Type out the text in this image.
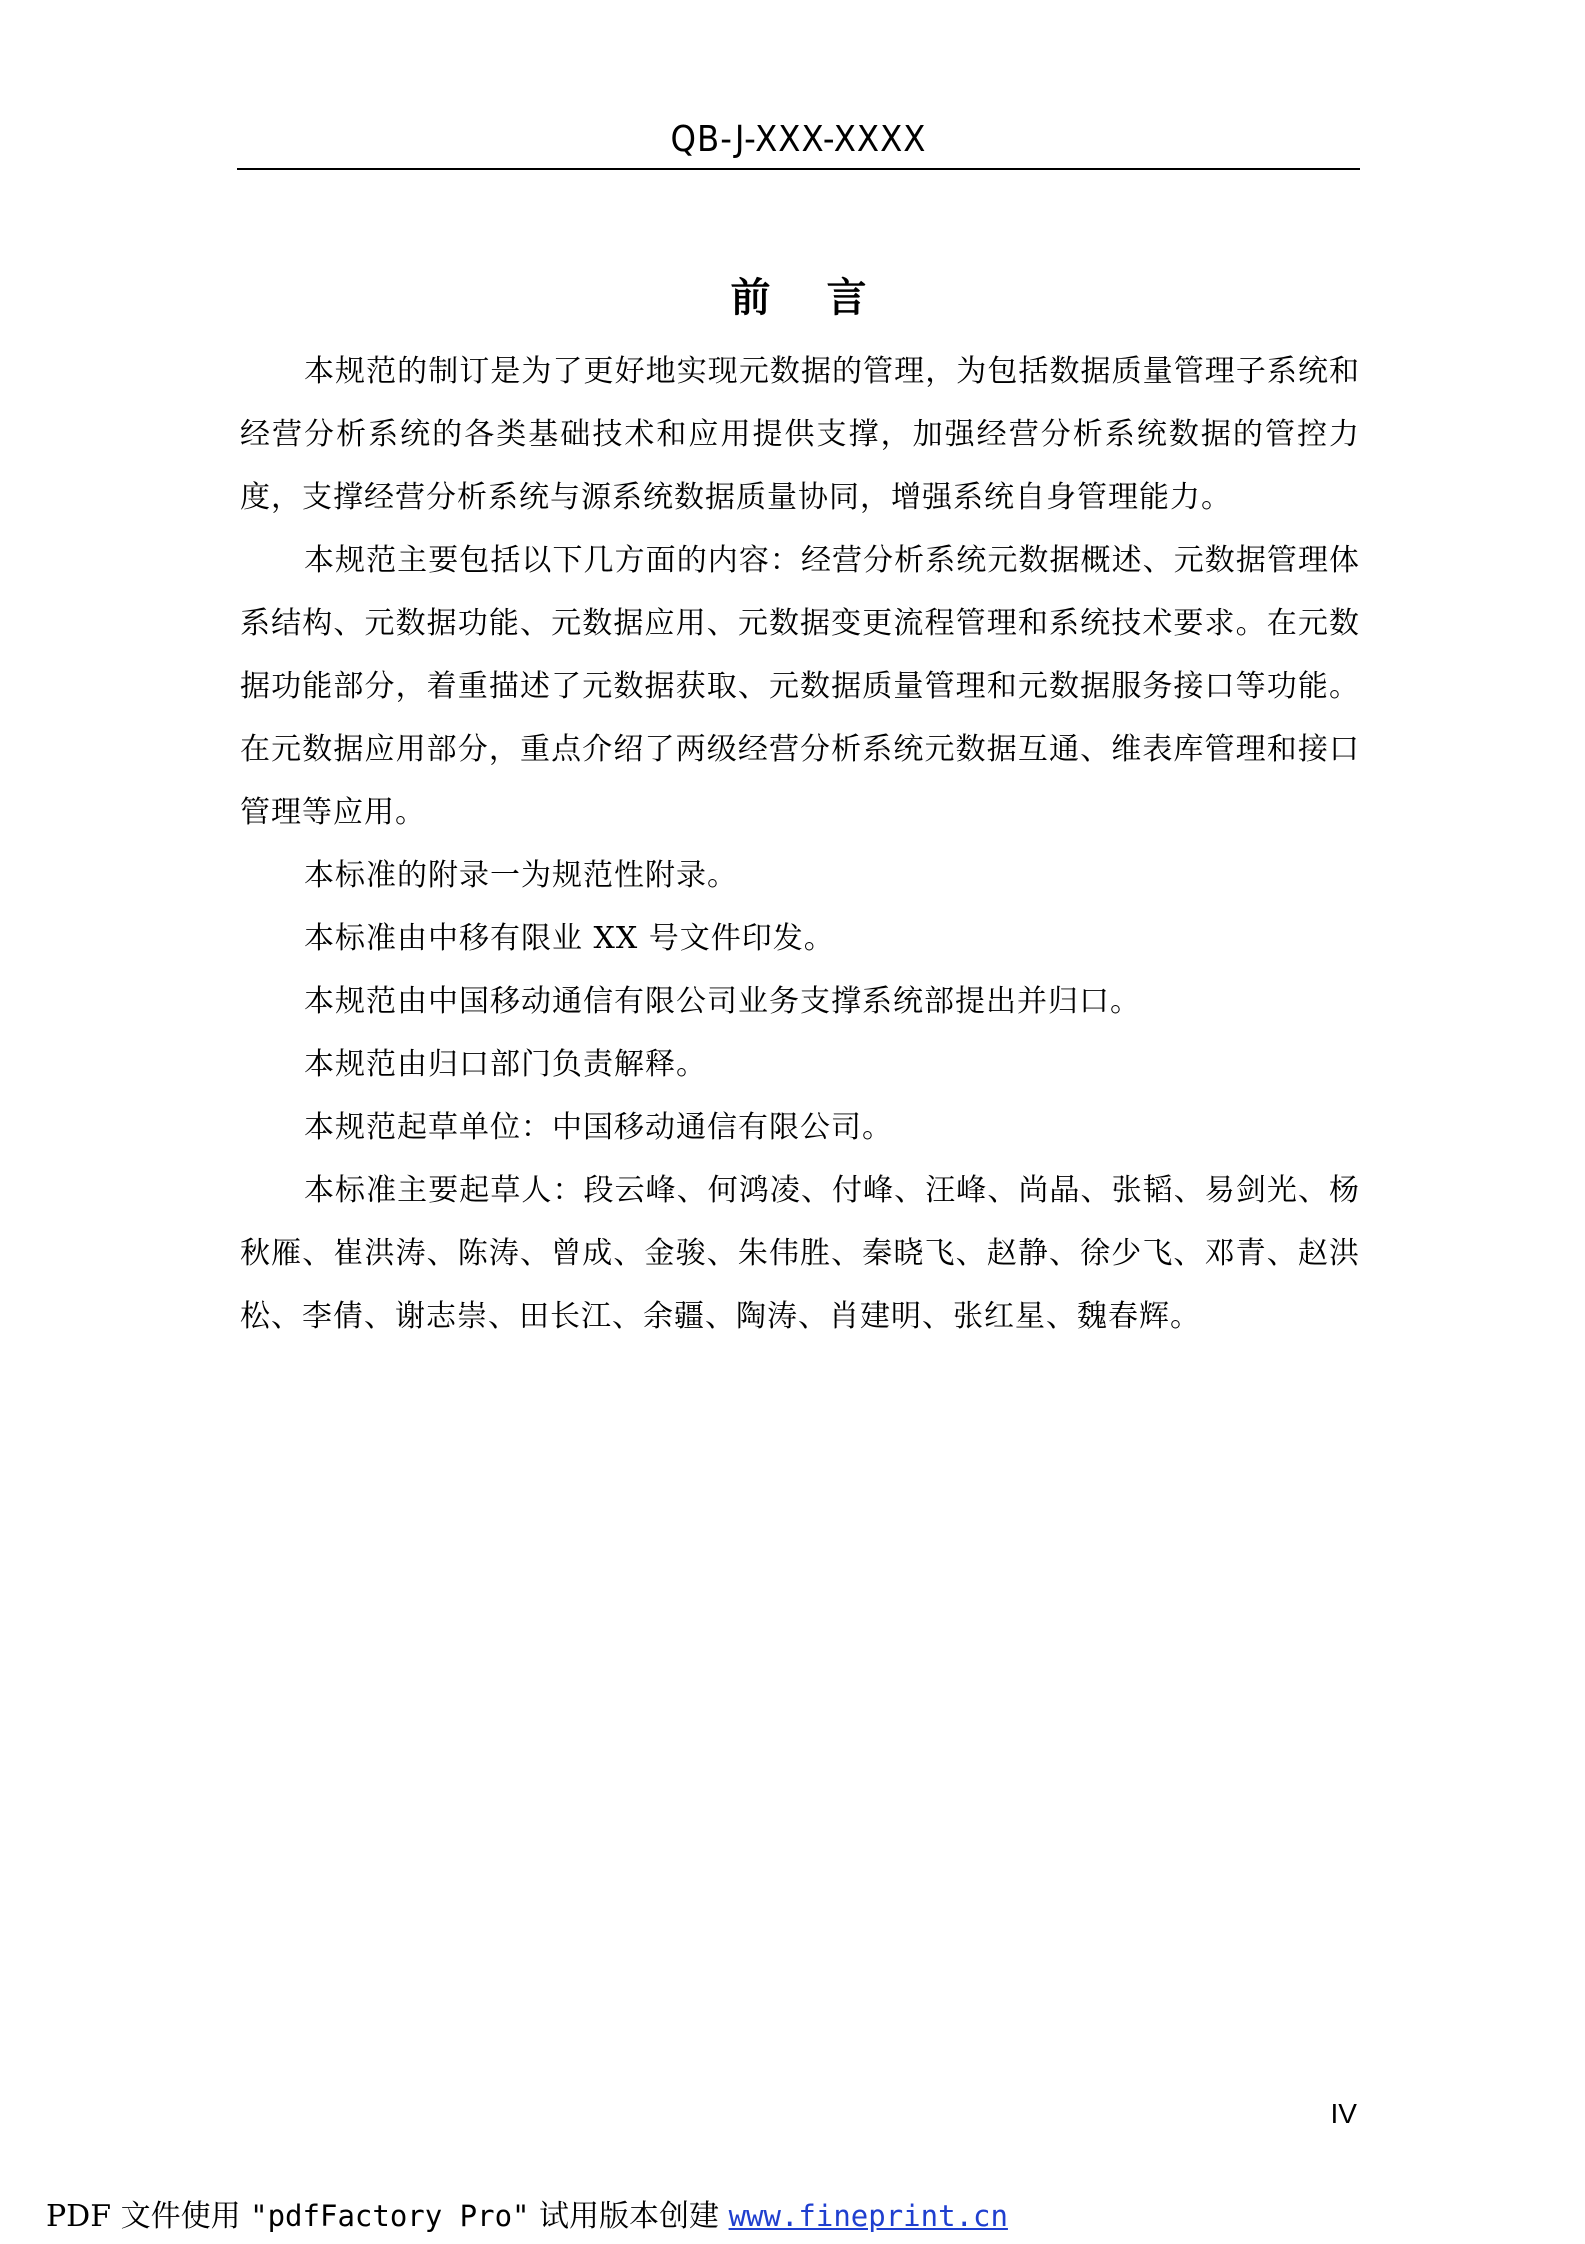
QB-J-XXX-XXXX
前言

本规范的制订是为了更好地实现元数据的管理，为包括数据质量管理子系统和经营分析系统的各类基础技术和应用提供支撑，加强经营分析系统数据的管控力度，支撑经营分析系统与源系统数据质量协同，增强系统自身管理能力。

本规范主要包括以下几方面的内容：经营分析系统元数据概述、元数据管理体系结构、元数据功能、元数据应用、元数据变更流程管理和系统技术要求。在元数据功能部分，着重描述了元数据获取、元数据质量管理和元数据服务接口等功能。在元数据应用部分，重点介绍了两级经营分析系统元数据互通、维表库管理和接口管理等应用。

本标准的附录一为规范性附录。

本标准由中移有限业 XX 号文件印发。

本规范由中国移动通信有限公司业务支撑系统部提出并归口。

本规范由归口部门负责解释。

本规范起草单位：中国移动通信有限公司。

本标准主要起草人：段云峰、何鸿凌、付峰、汪峰、尚晶、张韬、易剑光、杨秋雁、崔洪涛、陈涛、曾成、金骏、朱伟胜、秦晓飞、赵静、徐少飞、邓青、赵洪松、李倩、谢志崇、田长江、余疆、陶涛、肖建明、张红星、魏春辉。

IV
PDF 文件使用 "pdfFactory Pro" 试用版本创建 www.fineprint.cn
